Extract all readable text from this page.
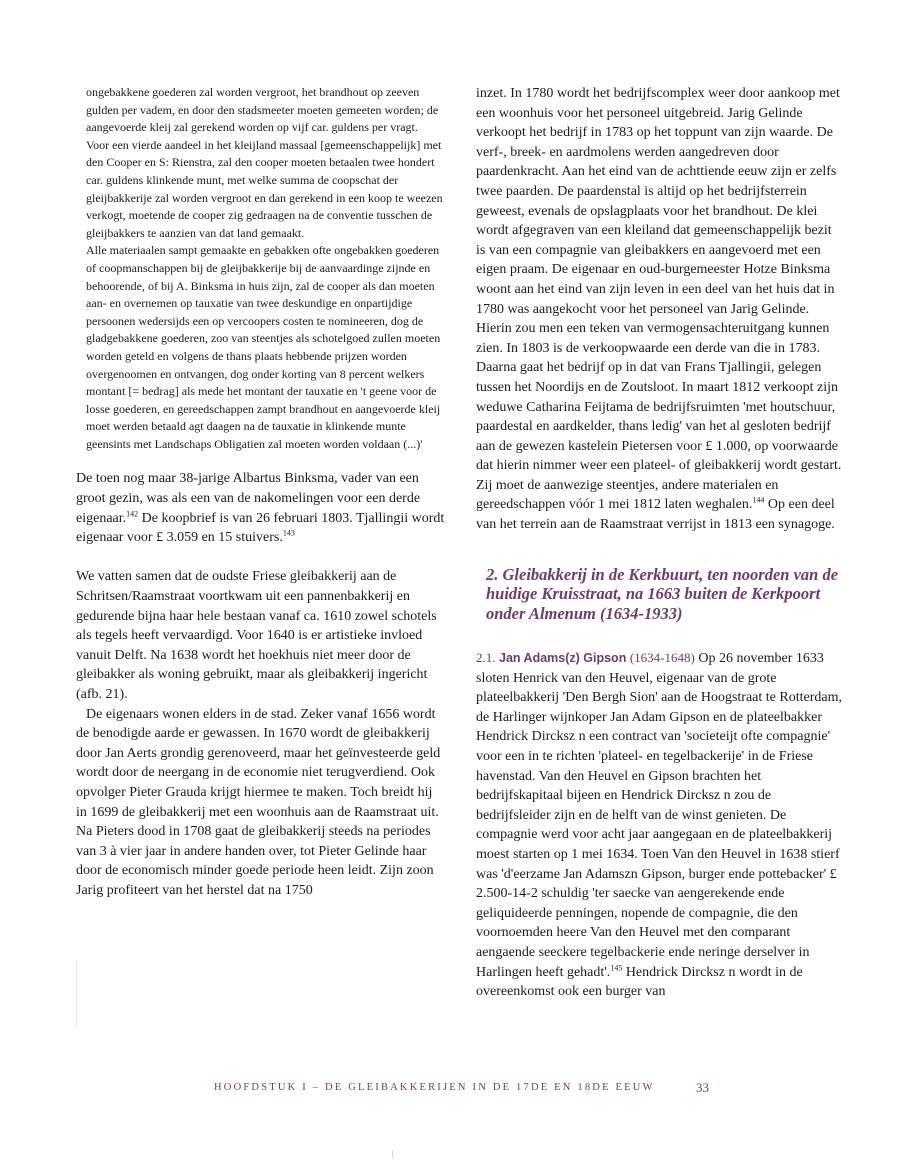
ongebakkene goederen zal worden vergroot, het brandhout op zeeven gulden per vadem, en door den stadsmeeter moeten gemeeten worden; de aangevoerde kleij zal gerekend worden op vijf car. guldens per vragt.

Voor een vierde aandeel in het kleijland massaal [gemeenschappelijk] met den Cooper en S: Rienstra, zal den cooper moeten betaalen twee hondert car. guldens klinkende munt, met welke summa de coopschat der gleijbakkerije zal worden vergroot en dan gerekend in een koop te weezen verkogt, moetende de cooper zig gedraagen na de conventie tusschen de gleijbakkers te aanzien van dat land gemaakt.

Alle materiaalen sampt gemaakte en gebakken ofte ongebakken goederen of coopmanschappen bij de gleijbakkerije bij de aanvaardinge zijnde en behoorende, of bij A. Binksma in huis zijn, zal de cooper als dan moeten aan- en overnemen op tauxatie van twee deskundige en onpartijdige persoonen wedersijds een op vercoopers costen te nomineeren, dog de gladgebakkene goederen, zoo van steentjes als schotelgoed zullen moeten worden geteld en volgens de thans plaats hebbende prijzen worden overgenoomen en ontvangen, dog onder korting van 8 percent welkers montant [= bedrag] als mede het montant der tauxatie en 't geene voor de losse goederen, en gereedschappen zampt brandhout en aangevoerde kleij moet werden betaald agt daagen na de tauxatie in klinkende munte geensints met Landschaps Obligatien zal moeten worden voldaan (...)'

De toen nog maar 38-jarige Albartus Binksma, vader van een groot gezin, was als een van de nakomelingen voor een derde eigenaar.$^{142}$ De koopbrief is van 26 februari 1803. Tjallingii wordt eigenaar voor £ 3.059 en 15 stuivers.$^{143}$

We vatten samen dat de oudste Friese gleibakkerij aan de Schritsen/Raamstraat voortkwam uit een pannenbakkerij en gedurende bijna haar hele bestaan vanaf ca. 1610 zowel schotels als tegels heeft vervaardigd. Voor 1640 is er artistieke invloed vanuit Delft. Na 1638 wordt het hoekhuis niet meer door de gleibakker als woning gebruikt, maar als gleibakkerij ingericht (afb. 21).

De eigenaars wonen elders in de stad. Zeker vanaf 1656 wordt de benodigde aarde er gewassen. In 1670 wordt de gleibakkerij door Jan Aerts grondig gerenoveerd, maar het geïnvesteerde geld wordt door de neergang in de economie niet terugverdiend. Ook opvolger Pieter Grauda krijgt hiermee te maken. Toch breidt hij in 1699 de gleibakkerij met een woonhuis aan de Raamstraat uit. Na Pieters dood in 1708 gaat de gleibakkerij steeds na periodes van 3 à vier jaar in andere handen over, tot Pieter Gelinde haar door de economisch minder goede periode heen leidt. Zijn zoon Jarig profiteert van het herstel dat na 1750

inzet. In 1780 wordt het bedrijfscomplex weer door aankoop met een woonhuis voor het personeel uitgebreid. Jarig Gelinde verkoopt het bedrijf in 1783 op het toppunt van zijn waarde. De verf-, breek- en aardmolens werden aangedreven door paardenkracht. Aan het eind van de achttiende eeuw zijn er zelfs twee paarden. De paardenstal is altijd op het bedrijfsterrein geweest, evenals de opslagplaats voor het brandhout. De klei wordt afgegraven van een kleiland dat gemeenschappelijk bezit is van een compagnie van gleibakkers en aangevoerd met een eigen praam. De eigenaar en oud-burgemeester Hotze Binksma woont aan het eind van zijn leven in een deel van het huis dat in 1780 was aangekocht voor het personeel van Jarig Gelinde. Hierin zou men een teken van vermogensachteruitgang kunnen zien. In 1803 is de verkoopwaarde een derde van die in 1783. Daarna gaat het bedrijf op in dat van Frans Tjallingii, gelegen tussen het Noordijs en de Zoutsloot. In maart 1812 verkoopt zijn weduwe Catharina Feijtama de bedrijfsruimten 'met houtschuur, paardestal en aardkelder, thans ledig' van het al gesloten bedrijf aan de gewezen kastelein Pietersen voor £ 1.000, op voorwaarde dat hierin nimmer weer een plateel- of gleibakkerij wordt gestart. Zij moet de aanwezige steentjes, andere materialen en gereedschappen vóór 1 mei 1812 laten weghalen.$^{144}$ Op een deel van het terrein aan de Raamstraat verrijst in 1813 een synagoge.

2. Gleibakkerij in de Kerkbuurt, ten noorden van de huidige Kruisstraat, na 1663 buiten de Kerkpoort onder Almenum (1634-1933)

2.1. Jan Adams(z) Gipson (1634-1648) Op 26 november 1633 sloten Henrick van den Heuvel, eigenaar van de grote plateelbakkerij 'Den Bergh Sion' aan de Hoogstraat te Rotterdam, de Harlinger wijnkoper Jan Adam Gipson en de plateelbakker Hendrick Dircksz n een contract van 'societeijt ofte compagnie' voor een in te richten 'plateel- en tegelbackerije' in de Friese havenstad. Van den Heuvel en Gipson brachten het bedrijfskapitaal bijeen en Hendrick Dircksz n zou de bedrijfsleider zijn en de helft van de winst genieten. De compagnie werd voor acht jaar aangegaan en de plateelbakkerij moest starten op 1 mei 1634. Toen Van den Heuvel in 1638 stierf was 'd'eerzame Jan Adamszn Gipson, burger ende pottebacker' £ 2.500-14-2 schuldig 'ter saecke van aengerekende ende geliquideerde penningen, nopende de compagnie, die den voornoemden heere Van den Heuvel met den comparant aengaende seeckere tegelbackerie ende neringe derselver in Harlingen heeft gehadt'.$^{145}$ Hendrick Dircksz n wordt in de overeenkomst ook een burger van

HOOFDSTUK I – DE GLEIBAKKERIJEN IN DE 17DE EN 18DE EEUW	33
